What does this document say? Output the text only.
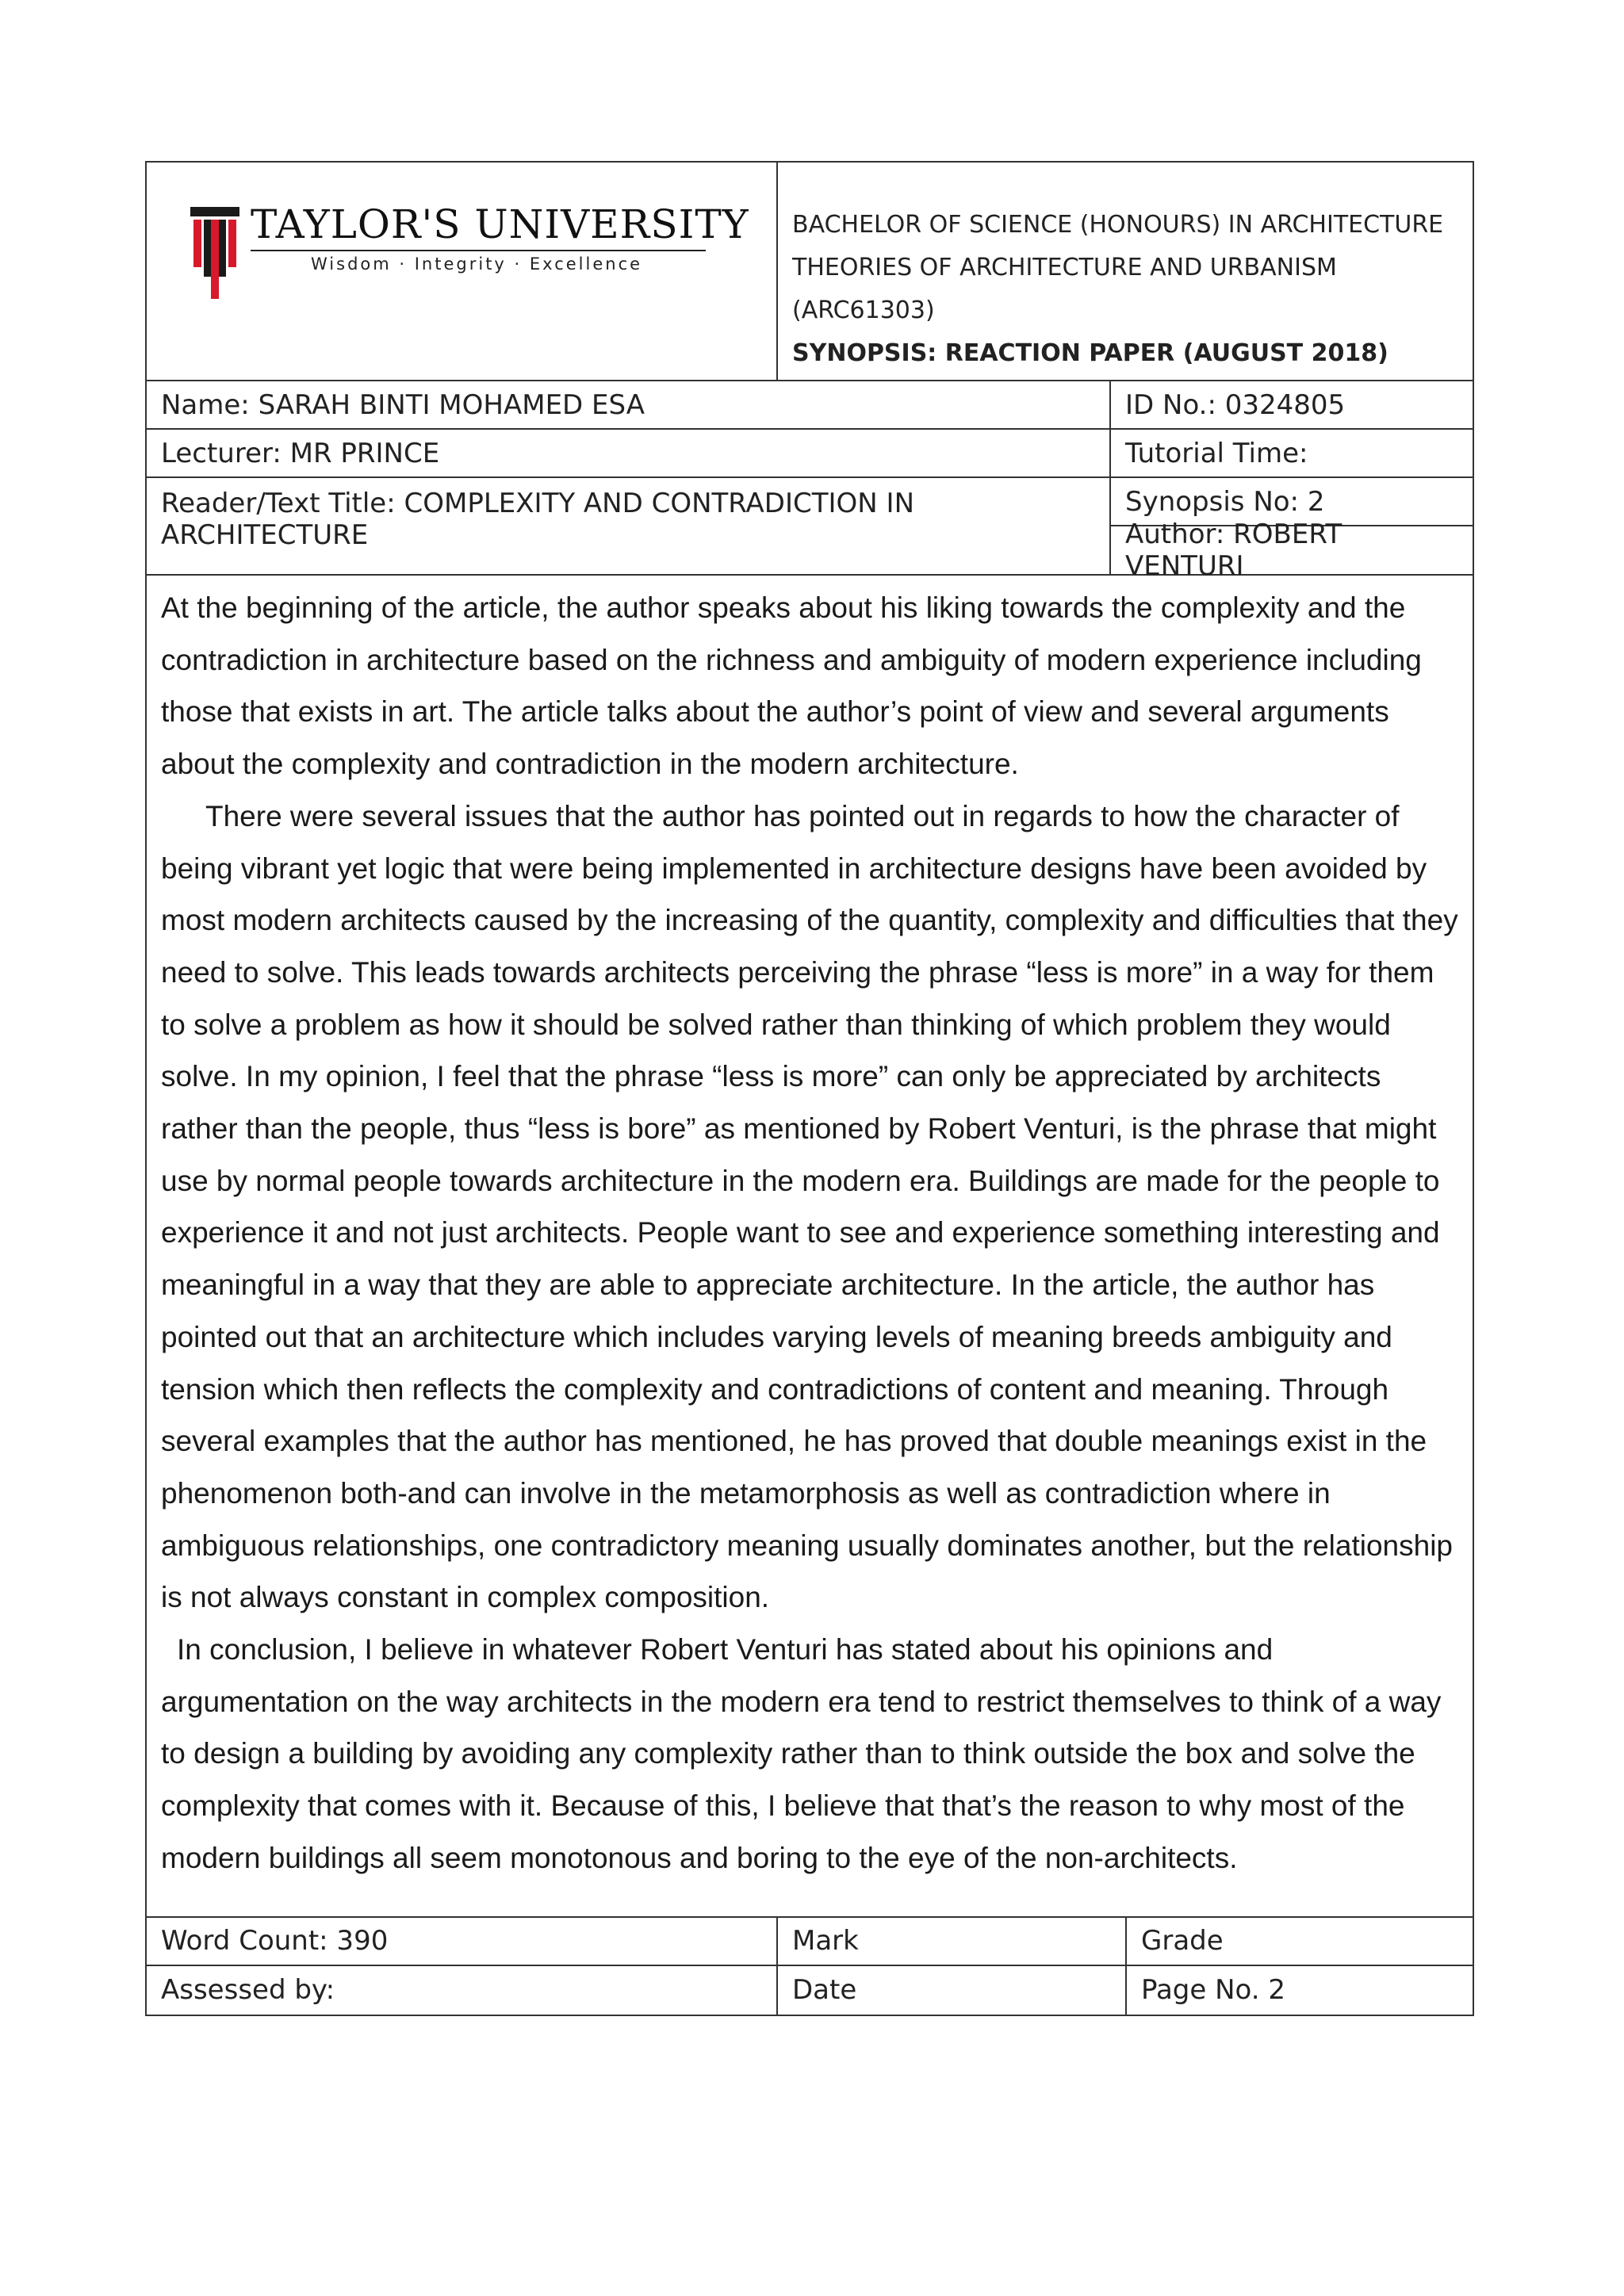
TAYLOR'S UNIVERSITY
Wisdom · Integrity · Excellence
BACHELOR OF SCIENCE (HONOURS) IN ARCHITECTURE
THEORIES OF ARCHITECTURE AND URBANISM
(ARC61303)
SYNOPSIS: REACTION PAPER (AUGUST 2018)
Name: SARAH BINTI MOHAMED ESA	ID No.: 0324805
Lecturer: MR PRINCE	Tutorial Time:
Reader/Text Title: COMPLEXITY AND CONTRADICTION IN ARCHITECTURE
Synopsis No: 2
Author: ROBERT VENTURI

At the beginning of the article, the author speaks about his liking towards the complexity and the contradiction in architecture based on the richness and ambiguity of modern experience including those that exists in art. The article talks about the author’s point of view and several arguments about the complexity and contradiction in the modern architecture.

There were several issues that the author has pointed out in regards to how the character of being vibrant yet logic that were being implemented in architecture designs have been avoided by most modern architects caused by the increasing of the quantity, complexity and difficulties that they need to solve. This leads towards architects perceiving the phrase “less is more” in a way for them to solve a problem as how it should be solved rather than thinking of which problem they would solve. In my opinion, I feel that the phrase “less is more” can only be appreciated by architects rather than the people, thus “less is bore” as mentioned by Robert Venturi, is the phrase that might use by normal people towards architecture in the modern era. Buildings are made for the people to experience it and not just architects. People want to see and experience something interesting and meaningful in a way that they are able to appreciate architecture. In the article, the author has pointed out that an architecture which includes varying levels of meaning breeds ambiguity and tension which then reflects the complexity and contradictions of content and meaning. Through several examples that the author has mentioned, he has proved that double meanings exist in the phenomenon both-and can involve in the metamorphosis as well as contradiction where in ambiguous relationships, one contradictory meaning usually dominates another, but the relationship is not always constant in complex composition.

In conclusion, I believe in whatever Robert Venturi has stated about his opinions and argumentation on the way architects in the modern era tend to restrict themselves to think of a way to design a building by avoiding any complexity rather than to think outside the box and solve the complexity that comes with it. Because of this, I believe that that’s the reason to why most of the modern buildings all seem monotonous and boring to the eye of the non-architects.

Word Count: 390	Mark	Grade
Assessed by:	Date	Page No. 2
